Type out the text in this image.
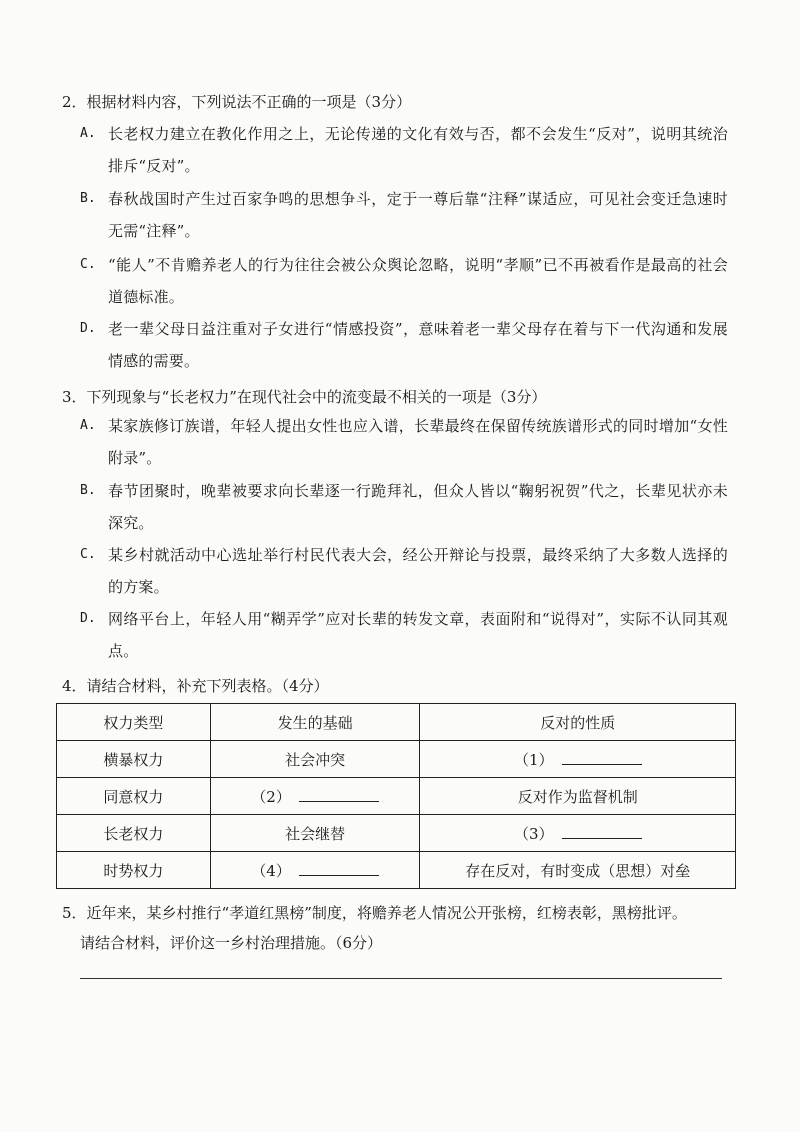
2．根据材料内容，下列说法不正确的一项是（3分）
A. 长老权力建立在教化作用之上，无论传递的文化有效与否，都不会发生“反对”，说明其统治排斥“反对”。
B. 春秋战国时产生过百家争鸣的思想争斗，定于一尊后靠“注释”谋适应，可见社会变迁急速时无需“注释”。
C. “能人”不肯赡养老人的行为往往会被公众舆论忽略，说明“孝顺”已不再被看作是最高的社会道德标准。
D. 老一辈父母日益注重对子女进行“情感投资”，意味着老一辈父母存在着与下一代沟通和发展情感的需要。
3．下列现象与“长老权力”在现代社会中的流变最不相关的一项是（3分）
A. 某家族修订族谱，年轻人提出女性也应入谱，长辈最终在保留传统族谱形式的同时增加“女性附录”。
B. 春节团聚时，晚辈被要求向长辈逐一行跪拜礼，但众人皆以“鞠躬祝贺”代之，长辈见状亦未深究。
C. 某乡村就活动中心选址举行村民代表大会，经公开辩论与投票，最终采纳了大多数人选择的的方案。
D. 网络平台上，年轻人用“糊弄学”应对长辈的转发文章，表面附和“说得对”，实际不认同其观点。
4．请结合材料，补充下列表格。（4分）
权力类型	发生的基础	反对的性质
横暴权力	社会冲突	（1）
同意权力	（2）	反对作为监督机制
长老权力	社会继替	（3）
时势权力	（4）	存在反对，有时变成（思想）对垒
5．近年来，某乡村推行“孝道红黑榜”制度，将赡养老人情况公开张榜，红榜表彰，黑榜批评。
请结合材料，评价这一乡村治理措施。（6分）
